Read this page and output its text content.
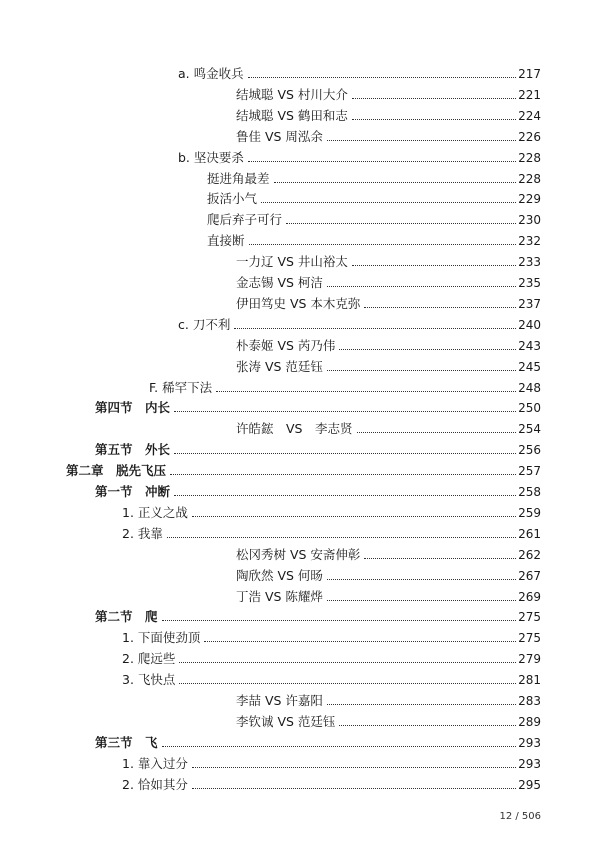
a. 鸣金收兵	217
结城聪 VS 村川大介	221
结城聪 VS 鹤田和志	224
鲁佳 VS 周泓余	226
b. 坚决要杀	228
挺进角最差	228
扳活小气	229
爬后弃子可行	230
直接断	232
一力辽 VS 井山裕太	233
金志锡 VS 柯洁	235
伊田笃史 VS 本木克弥	237
c. 刀不利	240
朴泰姬 VS 芮乃伟	243
张涛 VS 范廷钰	245
F. 稀罕下法	248
第四节　内长	250
许皓鋐　VS　李志贤	254
第五节　外长	256
第二章　脱先飞压	257
第一节　冲断	258
1. 正义之战	259
2. 我靠	261
松冈秀树 VS 安斋伸彰	262
陶欣然 VS 何旸	267
丁浩 VS 陈耀烨	269
第二节　爬	275
1. 下面使劲顶	275
2. 爬远些	279
3. 飞快点	281
李喆 VS 许嘉阳	283
李钦诚 VS 范廷钰	289
第三节　飞	293
1. 靠入过分	293
2. 恰如其分	295
12 / 506
